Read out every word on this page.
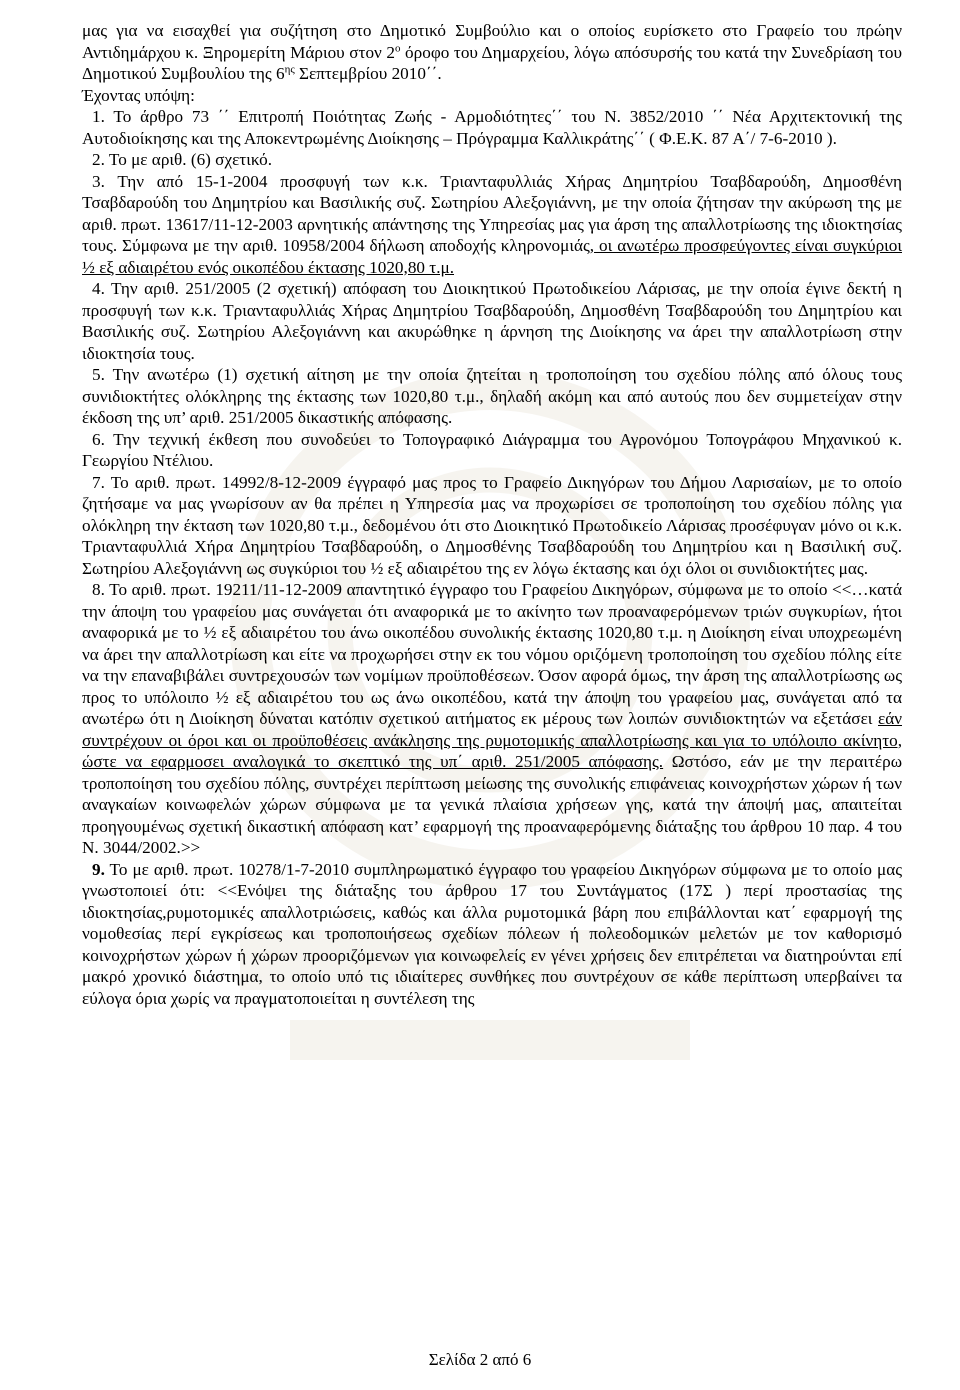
μας για να εισαχθεί για συζήτηση στο Δημοτικό Συμβούλιο και ο οποίος ευρίσκετο στο Γραφείο του πρώην Αντιδημάρχου κ. Ξηρομερίτη Μάριου στον $2^o$ όροφο του Δημαρχείου, λόγω απόσυρσής του κατά την Συνεδρίαση του Δημοτικού Συμβουλίου της $6^{\eta\varsigma}$ Σεπτεμβρίου 2010΄΄.

Έχοντας υπόψη:

1. Το άρθρο 73 ΄΄ Επιτροπή Ποιότητας Ζωής - Αρμοδιότητες΄΄ του Ν. 3852/2010 ΄΄ Νέα Αρχιτεκτονική της Αυτοδιοίκησης και της Αποκεντρωμένης Διοίκησης – Πρόγραμμα Καλλικράτης΄΄ ( Φ.Ε.Κ. 87 Α΄/ 7-6-2010 ).

2. Το με αριθ. (6) σχετικό.

3. Την από 15-1-2004 προσφυγή των κ.κ. Τριανταφυλλιάς Χήρας Δημητρίου Τσαβδαρούδη, Δημοσθένη Τσαβδαρούδη του Δημητρίου και Βασιλικής συζ. Σωτηρίου Αλεξογιάννη, με την οποία ζήτησαν την ακύρωση της με αριθ. πρωτ. 13617/11-12-2003 αρνητικής απάντησης της Υπηρεσίας μας για άρση της απαλλοτρίωσης της ιδιοκτησίας τους. Σύμφωνα με την αριθ. 10958/2004 δήλωση αποδοχής κληρονομιάς, οι ανωτέρω προσφεύγοντες είναι συγκύριοι ½ εξ αδιαιρέτου ενός οικοπέδου έκτασης 1020,80 τ.μ.

4. Την αριθ. 251/2005 (2 σχετική) απόφαση του Διοικητικού Πρωτοδικείου Λάρισας, με την οποία έγινε δεκτή η προσφυγή των κ.κ. Τριανταφυλλιάς Χήρας Δημητρίου Τσαβδαρούδη, Δημοσθένη Τσαβδαρούδη του Δημητρίου και Βασιλικής συζ. Σωτηρίου Αλεξογιάννη και ακυρώθηκε η άρνηση της Διοίκησης να άρει την απαλλοτρίωση στην ιδιοκτησία τους.

5. Την ανωτέρω (1) σχετική αίτηση με την οποία ζητείται η τροποποίηση του σχεδίου πόλης από όλους τους συνιδιοκτήτες ολόκληρης της έκτασης των 1020,80 τ.μ., δηλαδή ακόμη και από αυτούς που δεν συμμετείχαν στην έκδοση της υπ’ αριθ. 251/2005 δικαστικής απόφασης.

6. Την τεχνική έκθεση που συνοδεύει το Τοπογραφικό Διάγραμμα του Αγρονόμου Τοπογράφου Μηχανικού κ. Γεωργίου Ντέλιου.

7. Το αριθ. πρωτ. 14992/8-12-2009 έγγραφό μας προς το Γραφείο Δικηγόρων του Δήμου Λαρισαίων, με το οποίο ζητήσαμε να μας γνωρίσουν αν θα πρέπει η Υπηρεσία μας να προχωρίσει σε τροποποίηση του σχεδίου πόλης για ολόκληρη την έκταση των 1020,80 τ.μ., δεδομένου ότι στο Διοικητικό Πρωτοδικείο Λάρισας προσέφυγαν μόνο οι κ.κ. Τριανταφυλλιά Χήρα Δημητρίου Τσαβδαρούδη, ο Δημοσθένης Τσαβδαρούδη του Δημητρίου και η Βασιλική συζ. Σωτηρίου Αλεξογιάννη ως συγκύριοι του ½ εξ αδιαιρέτου της εν λόγω έκτασης και όχι όλοι οι συνιδιοκτήτες μας.

8. Το αριθ. πρωτ. 19211/11-12-2009 απαντητικό έγγραφο του Γραφείου Δικηγόρων, σύμφωνα με το οποίο <<…κατά την άποψη του γραφείου μας συνάγεται ότι αναφορικά με το ακίνητο των προαναφερόμενων τριών συγκυρίων, ήτοι αναφορικά με το ½ εξ αδιαιρέτου του άνω οικοπέδου συνολικής έκτασης 1020,80 τ.μ. η Διοίκηση είναι υποχρεωμένη να άρει την απαλλοτρίωση και είτε να προχωρήσει στην εκ του νόμου οριζόμενη τροποποίηση του σχεδίου πόλης είτε να την επαναβιβάλει συντρεχουσών των νομίμων προϋποθέσεων. Όσον αφορά όμως, την άρση της απαλλοτρίωσης ως προς το υπόλοιπο ½ εξ αδιαιρέτου του ως άνω οικοπέδου, κατά την άποψη του γραφείου μας, συνάγεται από τα ανωτέρω ότι η Διοίκηση δύναται κατόπιν σχετικού αιτήματος εκ μέρους των λοιπών συνιδιοκτητών να εξετάσει εάν συντρέχουν οι όροι και οι προϋποθέσεις ανάκλησης της ρυμοτομικής απαλλοτρίωσης και για το υπόλοιπο ακίνητο, ώστε να εφαρμοσει αναλογικά το σκεπτικό της υπ΄ αριθ. 251/2005 απόφασης. Ωστόσο, εάν με την περαιτέρω τροποποίηση του σχεδίου πόλης, συντρέχει περίπτωση μείωσης της συνολικής επιφάνειας κοινοχρήστων χώρων ή των αναγκαίων κοινωφελών χώρων σύμφωνα με τα γενικά πλαίσια χρήσεων γης, κατά την άποψή μας, απαιτείται προηγουμένως σχετική δικαστική απόφαση κατ’ εφαρμογή της προαναφερόμενης διάταξης του άρθρου 10 παρ. 4 του Ν. 3044/2002.>>

9. Το με αριθ. πρωτ. 10278/1-7-2010 συμπληρωματικό έγγραφο του γραφείου Δικηγόρων σύμφωνα με το οποίο μας γνωστοποιεί ότι: <<Ενόψει της διάταξης του άρθρου 17 του Συντάγματος (17Σ ) περί προστασίας της ιδιοκτησίας,ρυμοτομικές απαλλοτριώσεις, καθώς και άλλα ρυμοτομικά βάρη που επιβάλλονται κατ΄ εφαρμογή της νομοθεσίας περί εγκρίσεως και τροποποιήσεως σχεδίων πόλεων ή πολεοδομικών μελετών με τον καθορισμό κοινοχρήστων χώρων ή χώρων προοριζόμενων για κοινωφελείς εν γένει χρήσεις δεν επιτρέπεται να διατηρούνται επί μακρό χρονικό διάστημα, το οποίο υπό τις ιδιαίτερες συνθήκες που συντρέχουν σε κάθε περίπτωση υπερβαίνει τα εύλογα όρια χωρίς να πραγματοποιείται η συντέλεση της

Σελίδα 2 από 6
